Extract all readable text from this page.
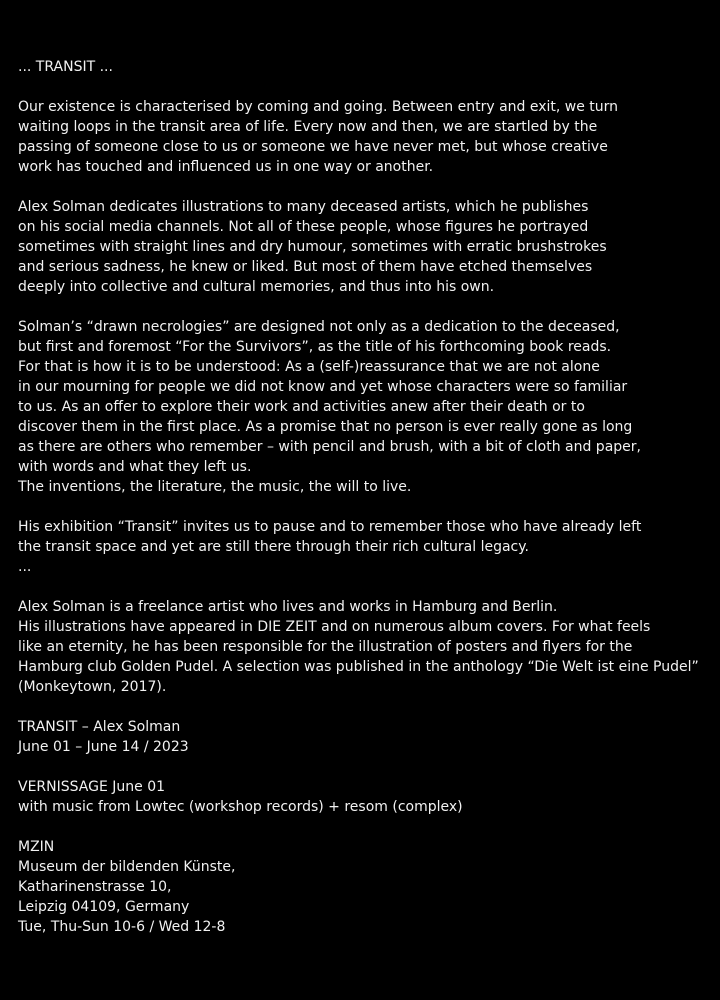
... TRANSIT ...
Our existence is characterised by coming and going. Between entry and exit, we turn
waiting loops in the transit area of life. Every now and then, we are startled by the
passing of someone close to us or someone we have never met, but whose creative
work has touched and influenced us in one way or another.
Alex Solman dedicates illustrations to many deceased artists, which he publishes
on his social media channels. Not all of these people, whose figures he portrayed
sometimes with straight lines and dry humour, sometimes with erratic brushstrokes
and serious sadness, he knew or liked. But most of them have etched themselves
deeply into collective and cultural memories, and thus into his own.
Solman’s “drawn necrologies” are designed not only as a dedication to the deceased,
but first and foremost “For the Survivors”, as the title of his forthcoming book reads.
For that is how it is to be understood: As a (self-)reassurance that we are not alone
in our mourning for people we did not know and yet whose characters were so familiar
to us. As an offer to explore their work and activities anew after their death or to
discover them in the first place. As a promise that no person is ever really gone as long
as there are others who remember – with pencil and brush, with a bit of cloth and paper,
with words and what they left us.
The inventions, the literature, the music, the will to live.
His exhibition “Transit” invites us to pause and to remember those who have already left
the transit space and yet are still there through their rich cultural legacy.
...
Alex Solman is a freelance artist who lives and works in Hamburg and Berlin.
His illustrations have appeared in DIE ZEIT and on numerous album covers. For what feels
like an eternity, he has been responsible for the illustration of posters and flyers for the
Hamburg club Golden Pudel. A selection was published in the anthology “Die Welt ist eine Pudel”
(Monkeytown, 2017).
TRANSIT – Alex Solman
June 01 – June 14 / 2023
VERNISSAGE June 01
with music from Lowtec (workshop records) + resom (complex)
MZIN
Museum der bildenden Künste,
Katharinenstrasse 10,
Leipzig 04109, Germany
Tue, Thu-Sun 10-6 / Wed 12-8
